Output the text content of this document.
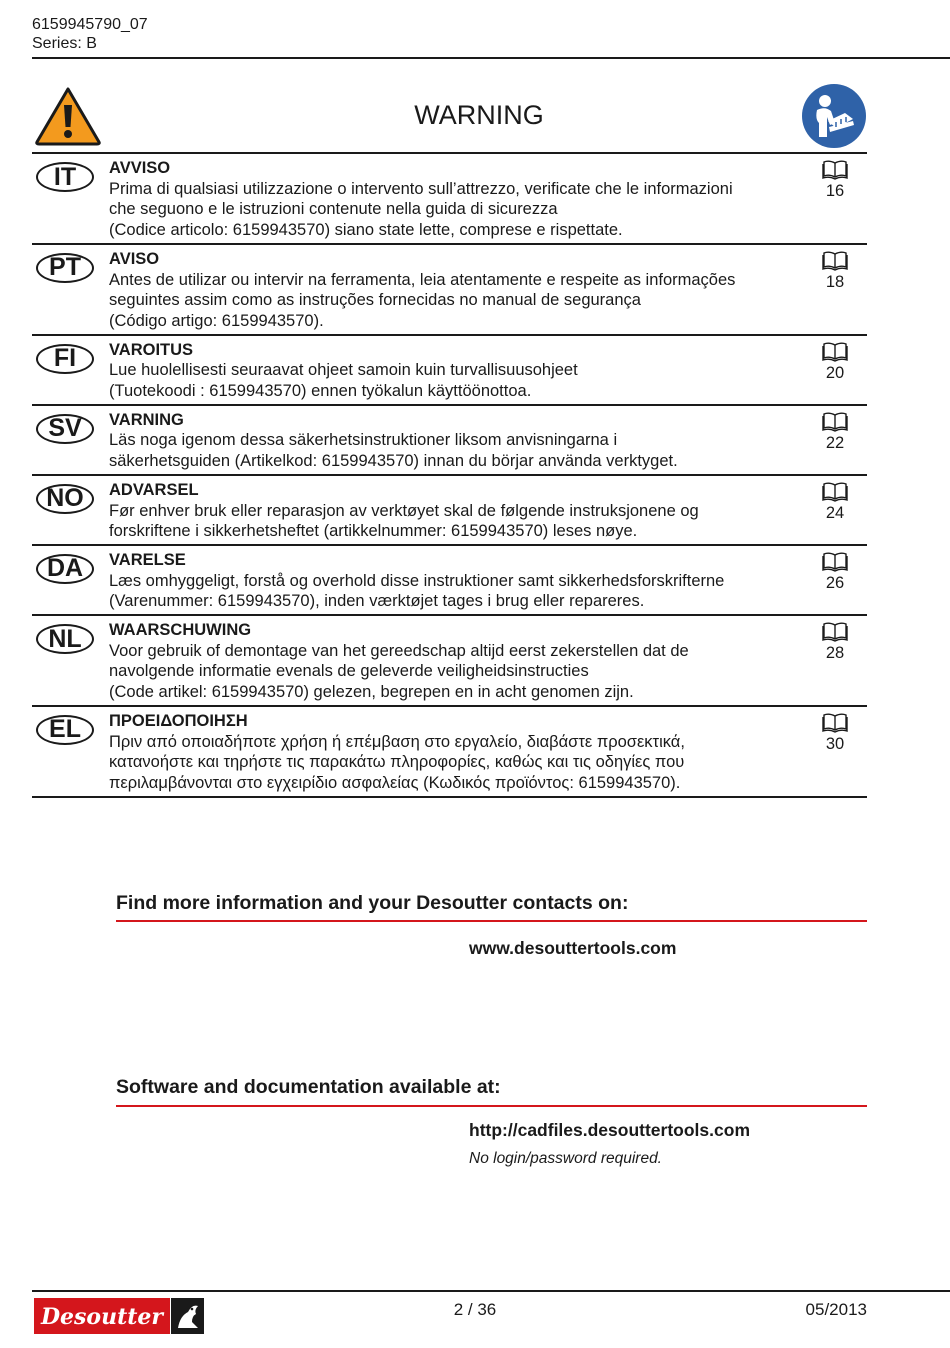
6159945790_07
Series: B
WARNING
IT	AVVISO
Prima di qualsiasi utilizzazione o intervento sull’attrezzo, verificate che le informazioni
che seguono e le istruzioni contenute nella guida di sicurezza
(Codice articolo: 6159943570) siano state lette, comprese e rispettate.
16
PT	AVISO
Antes de utilizar ou intervir na ferramenta, leia atentamente e respeite as informações
seguintes assim como as instruções fornecidas no manual de segurança
(Código artigo: 6159943570).
18
FI	VAROITUS
Lue huolellisesti seuraavat ohjeet samoin kuin turvallisuusohjeet
(Tuotekoodi : 6159943570) ennen työkalun käyttöönottoa.
20
SV	VARNING
Läs noga igenom dessa säkerhetsinstruktioner liksom anvisningarna i
säkerhetsguiden (Artikelkod: 6159943570) innan du börjar använda verktyget.
22
NO	ADVARSEL
Før enhver bruk eller reparasjon av verktøyet skal de følgende instruksjonene og
forskriftene i sikkerhetsheftet (artikkelnummer: 6159943570) leses nøye.
24
DA	VARELSE
Læs omhyggeligt, forstå og overhold disse instruktioner samt sikkerhedsforskrifterne
(Varenummer: 6159943570), inden værktøjet tages i brug eller repareres.
26
NL	WAARSCHUWING
Voor gebruik of demontage van het gereedschap altijd eerst zekerstellen dat de
navolgende informatie evenals de geleverde veiligheidsinstructies
(Code artikel: 6159943570) gelezen, begrepen en in acht genomen zijn.
28
EL	ΠΡΟΕΙΔΟΠΟΙΗΣΗ
Πριν από οποιαδήποτε χρήση ή επέμβαση στο εργαλείο, διαβάστε προσεκτικά,
κατανοήστε και τηρήστε τις παρακάτω πληροφορίες, καθώς και τις οδηγίες που
περιλαμβάνονται στο εγχειρίδιο ασφαλείας (Κωδικός προϊόντος: 6159943570).
30
Find more information and your Desoutter contacts on:
www.desouttertools.com
Software and documentation available at:
http://cadfiles.desouttertools.com
No login/password required.
Desoutter	2 / 36	05/2013
